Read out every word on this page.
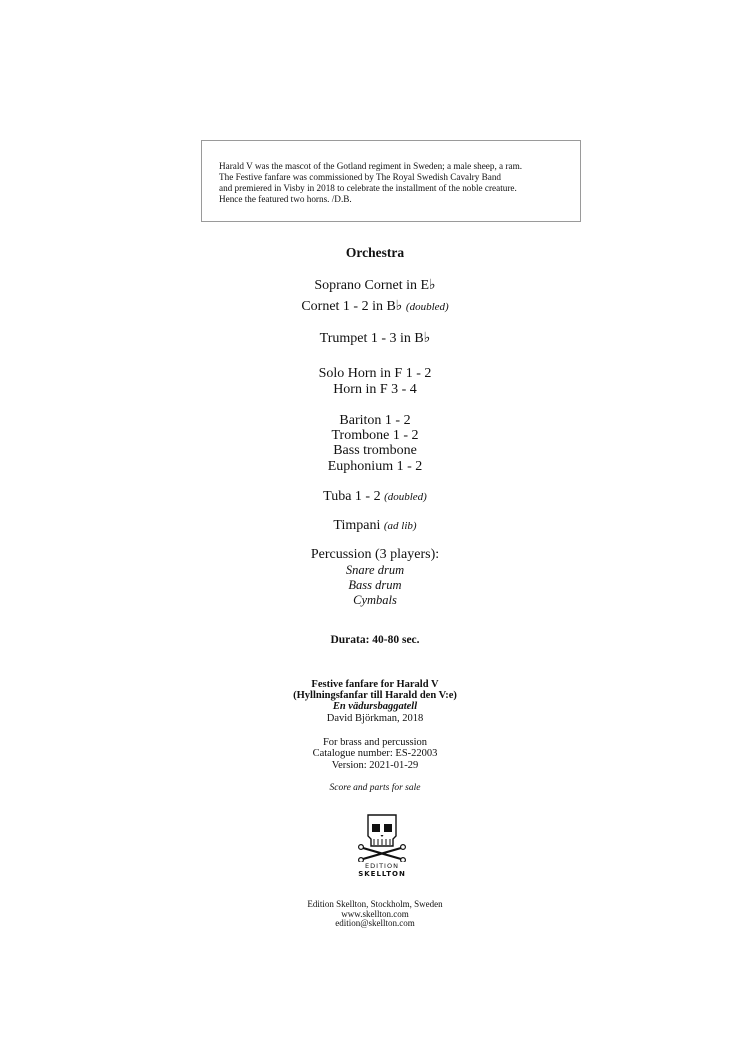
Harald V was the mascot of the Gotland regiment in Sweden; a male sheep, a ram.
The Festive fanfare was commissioned by The Royal Swedish Cavalry Band
and premiered in Visby in 2018 to celebrate the installment of the noble creature.
Hence the featured two horns. /D.B.
Orchestra
Soprano Cornet in E♭
Cornet 1 - 2 in B♭ (doubled)
Trumpet 1 - 3 in B♭
Solo Horn in F 1 - 2
Horn in F 3 - 4
Bariton 1 - 2
Trombone 1 - 2
Bass trombone
Euphonium 1 - 2
Tuba 1 - 2 (doubled)
Timpani (ad lib)
Percussion (3 players):
Snare drum
Bass drum
Cymbals
Durata: 40-80 sec.
Festive fanfare for Harald V
(Hyllningsfanfar till Harald den V:e)
En vädursbaggatell
David Björkman, 2018
For brass and percussion
Catalogue number: ES-22003
Version: 2021-01-29
Score and parts for sale
EDITION
SKELLTON
Edition Skellton, Stockholm, Sweden
www.skellton.com
edition@skellton.com
